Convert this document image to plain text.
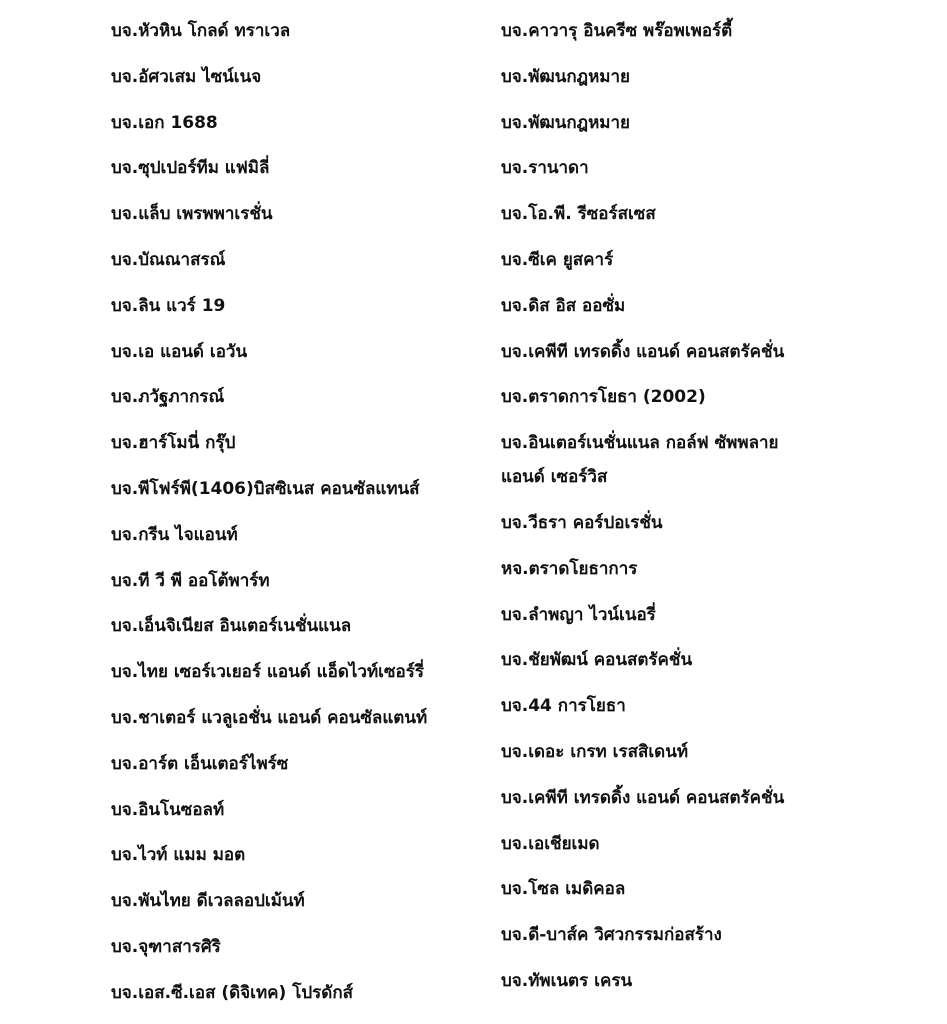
บจ.หัวหิน โกลด์ ทราเวล
บจ.อัศวเสม ไซน์เนจ
บจ.เอก 1688
บจ.ซุปเปอร์ทีม แฟมิลี่
บจ.แล็บ เพรพพาเรชั่น
บจ.บัณณาสรณ์
บจ.ลิน แวร์ 19
บจ.เอ แอนด์ เอวัน
บจ.ภวัฐภากรณ์
บจ.ฮาร์โมนี่ กรุ๊ป
บจ.พีโฟร์พี(1406)บิสซิเนส คอนซัลแทนส์
บจ.กรีน ไจแอนท์
บจ.ที วี พี ออโต้พาร์ท
บจ.เอ็นจิเนียส อินเตอร์เนชั่นแนล
บจ.ไทย เซอร์เวเยอร์ แอนด์ แอ็ดไวท์เซอร์รี่
บจ.ชาเตอร์ แวลูเอชั่น แอนด์ คอนซัลแตนท์
บจ.อาร์ต เอ็นเตอร์ไพร์ซ
บจ.อินโนซอลท์
บจ.ไวท์ แมม มอต
บจ.พันไทย ดีเวลลอปเม้นท์
บจ.จุฑาสารศิริ
บจ.เอส.ซี.เอส (ดิจิเทค) โปรดักส์
บจ.คาวารุ อินครีซ พร๊อพเพอร์ตี้
บจ.พัฒนกฎหมาย
บจ.พัฒนกฎหมาย
บจ.รานาดา
บจ.โอ.พี. รีซอร์สเซส
บจ.ซีเค ยูสคาร์
บจ.ดิส อิส ออซั่ม
บจ.เคพีที เทรดดิ้ง แอนด์ คอนสตรัคชั่น
บจ.ตราดการโยธา (2002)
บจ.อินเตอร์เนชั่นแนล กอล์ฟ ซัพพลาย แอนด์ เซอร์วิส
บจ.วีธรา คอร์ปอเรชั่น
หจ.ตราดโยธาการ
บจ.ลำพญา ไวน์เนอรี่
บจ.ชัยพัฒน์ คอนสตรัคชั่น
บจ.44 การโยธา
บจ.เดอะ เกรท เรสสิเดนท์
บจ.เคพีที เทรดดิ้ง แอนด์ คอนสตรัคชั่น
บจ.เอเชียเมด
บจ.โซล เมดิคอล
บจ.ดี-บาส์ค วิศวกรรมก่อสร้าง
บจ.ทัพเนตร เครน
